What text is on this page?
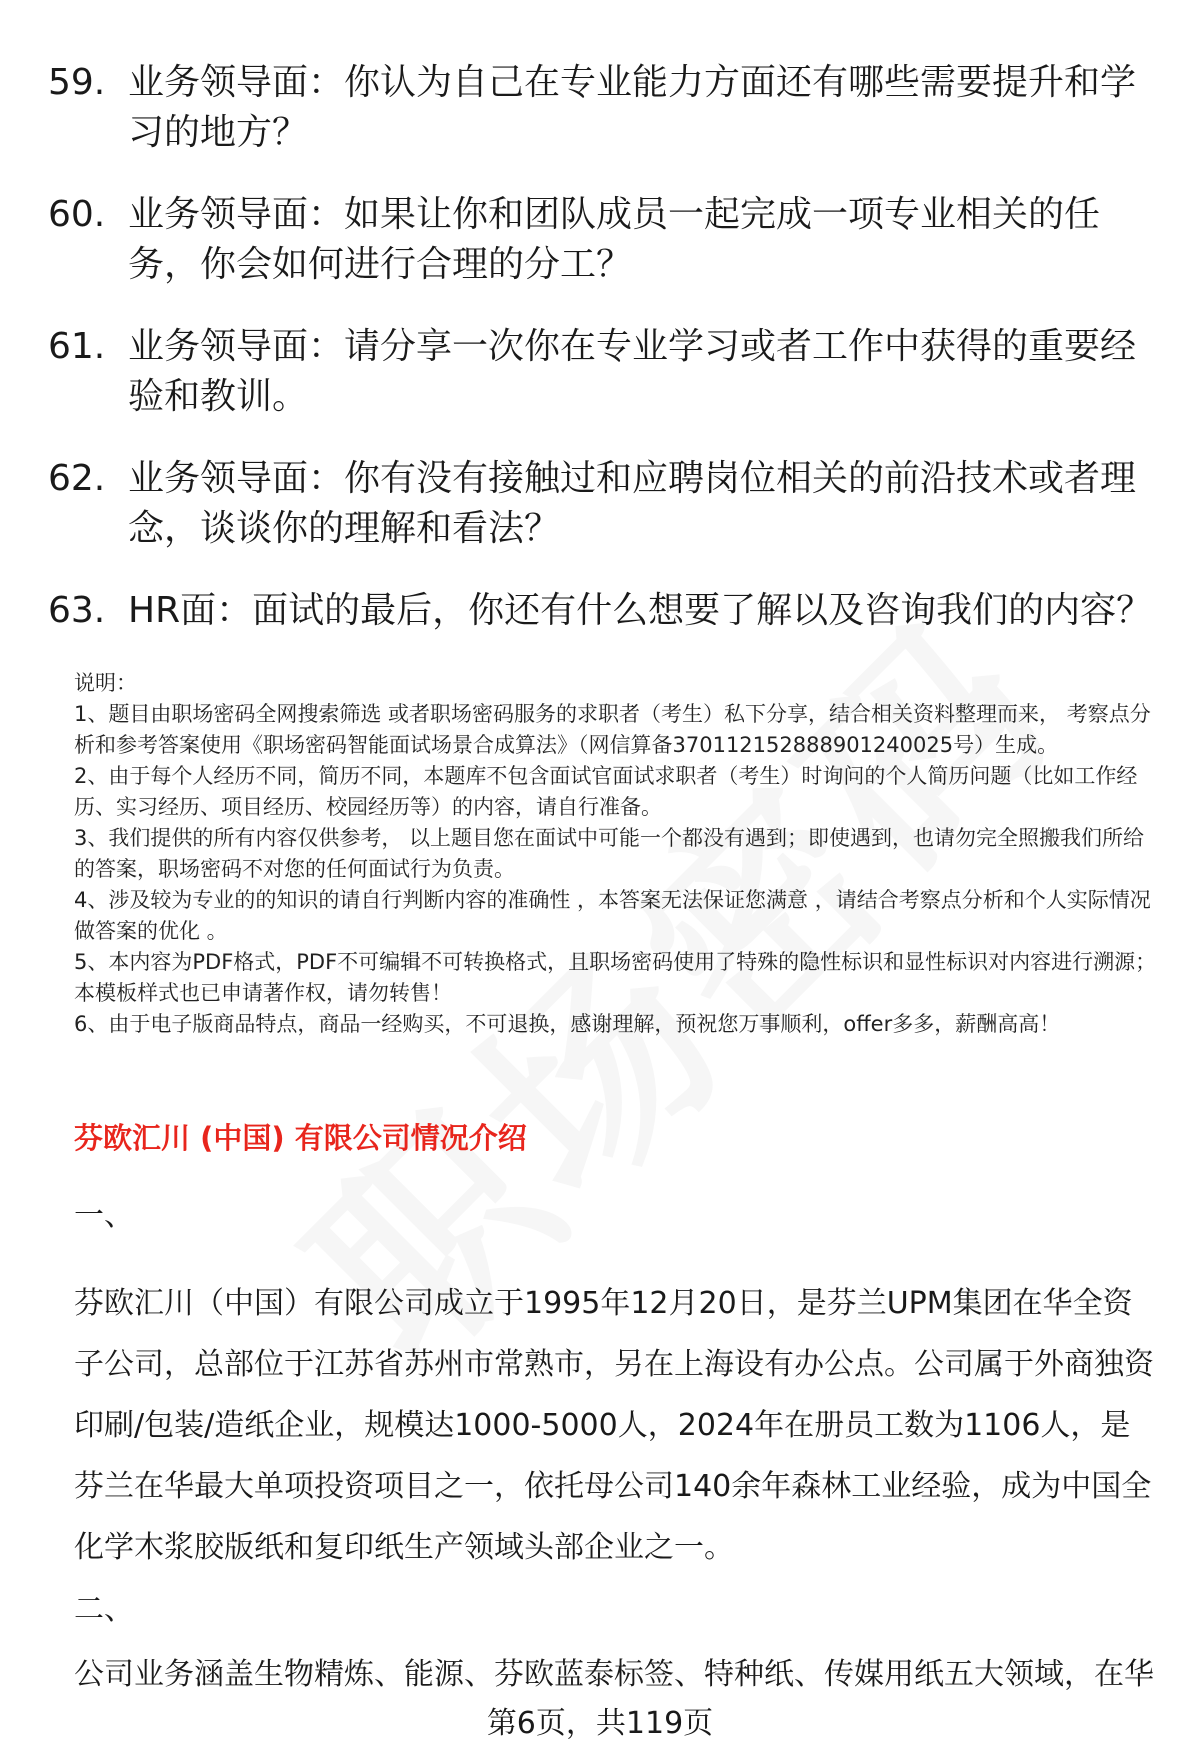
59. 业务领导面：你认为自己在专业能力方面还有哪些需要提升和学习的地方？
60. 业务领导面：如果让你和团队成员一起完成一项专业相关的任务，你会如何进行合理的分工？
61. 业务领导面：请分享一次你在专业学习或者工作中获得的重要经验和教训。
62. 业务领导面：你有没有接触过和应聘岗位相关的前沿技术或者理念，谈谈你的理解和看法？
63. HR面：面试的最后，你还有什么想要了解以及咨询我们的内容？

说明：

1、题目由职场密码全网搜索筛选 或者职场密码服务的求职者（考生）私下分享，结合相关资料整理而来， 考察点分析和参考答案使用《职场密码智能面试场景合成算法》（网信算备370112152888901240025号）生成。

2、由于每个人经历不同，简历不同，本题库不包含面试官面试求职者（考生）时询问的个人简历问题（比如工作经历、实习经历、项目经历、校园经历等）的内容，请自行准备。

3、我们提供的所有内容仅供参考， 以上题目您在面试中可能一个都没有遇到；即使遇到，也请勿完全照搬我们所给的答案，职场密码不对您的任何面试行为负责。

4、涉及较为专业的的知识的请自行判断内容的准确性 ，本答案无法保证您满意 ，请结合考察点分析和个人实际情况做答案的优化 。

5、本内容为PDF格式，PDF不可编辑不可转换格式，且职场密码使用了特殊的隐性标识和显性标识对内容进行溯源；本模板样式也已申请著作权，请勿转售！

6、由于电子版商品特点，商品一经购买，不可退换，感谢理解，预祝您万事顺利，offer多多，薪酬高高！

芬欧汇川 (中国) 有限公司情况介绍
一、

芬欧汇川（中国）有限公司成立于1995年12月20日，是芬兰UPM集团在华全资子公司，总部位于江苏省苏州市常熟市，另在上海设有办公点。公司属于外商独资印刷/包装/造纸企业，规模达1000-5000人，2024年在册员工数为1106人，是芬兰在华最大单项投资项目之一，依托母公司140余年森林工业经验，成为中国全化学木浆胶版纸和复印纸生产领域头部企业之一。

二、

公司业务涵盖生物精炼、能源、芬欧蓝泰标签、特种纸、传媒用纸五大领域，在华

第6页，共119页
